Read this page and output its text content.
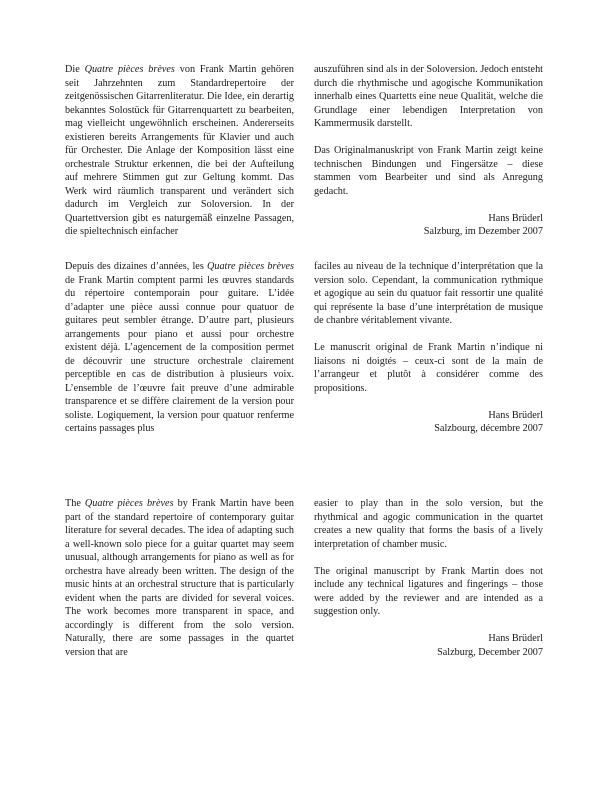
Die Quatre pièces brèves von Frank Martin gehören seit Jahrzehnten zum Standardrepertoire der zeitgenössischen Gitarrenliteratur. Die Idee, ein derartig bekanntes Solostück für Gitarrenquartett zu bearbeiten, mag vielleicht ungewöhnlich erscheinen. Andererseits existieren bereits Arrangements für Klavier und auch für Orchester. Die Anlage der Komposition lässt eine orchestrale Struktur erkennen, die bei der Aufteilung auf mehrere Stimmen gut zur Geltung kommt. Das Werk wird räumlich transparent und verändert sich dadurch im Vergleich zur Soloversion. In der Quartettversion gibt es naturgemäß einzelne Passagen, die spieltechnisch einfacher

auszuführen sind als in der Soloversion. Jedoch entsteht durch die rhythmische und agogische Kommunikation innerhalb eines Quartetts eine neue Qualität, welche die Grundlage einer lebendigen Interpretation von Kammermusik darstellt.

Das Originalmanuskript von Frank Martin zeigt keine technischen Bindungen und Fingersätze – diese stammen vom Bearbeiter und sind als Anregung gedacht.

Hans Brüderl
Salzburg, im Dezember 2007

Depuis des dizaines d’années, les Quatre pièces brèves de Frank Martin comptent parmi les œuvres standards du répertoire contemporain pour guitare. L’idée d’adapter une pièce aussi connue pour quatuor de guitares peut sembler étrange. D’autre part, plusieurs arrangements pour piano et aussi pour orchestre existent déjà. L’agencement de la composition permet de découvrir une structure orchestrale clairement perceptible en cas de distribution à plusieurs voix. L’ensemble de l’œuvre fait preuve d’une admirable transparence et se diffère clairement de la version pour soliste. Logiquement, la version pour quatuor renferme certains passages plus

faciles au niveau de la technique d’interprétation que la version solo. Cependant, la communication rythmique et agogique au sein du quatuor fait ressortir une qualité qui représente la base d’une interprétation de musique de chanbre véritablement vivante.

Le manuscrit original de Frank Martin n’indique ni liaisons ni doigtés – ceux-ci sont de la main de l’arrangeur et plutôt à considérer comme des propositions.

Hans Brüderl
Salzbourg, décembre 2007

The Quatre pièces brèves by Frank Martin have been part of the standard repertoire of contemporary guitar literature for several decades. The idea of adapting such a well-known solo piece for a guitar quartet may seem unusual, although arrangements for piano as well as for orchestra have already been written. The design of the music hints at an orchestral structure that is particularly evident when the parts are divided for several voices. The work becomes more transparent in space, and accordingly is different from the solo version. Naturally, there are some passages in the quartet version that are

easier to play than in the solo version, but the rhythmical and agogic communication in the quartet creates a new quality that forms the basis of a lively interpretation of chamber music.

The original manuscript by Frank Martin does not include any technical ligatures and fingerings – those were added by the reviewer and are intended as a suggestion only.

Hans Brüderl
Salzburg, December 2007
